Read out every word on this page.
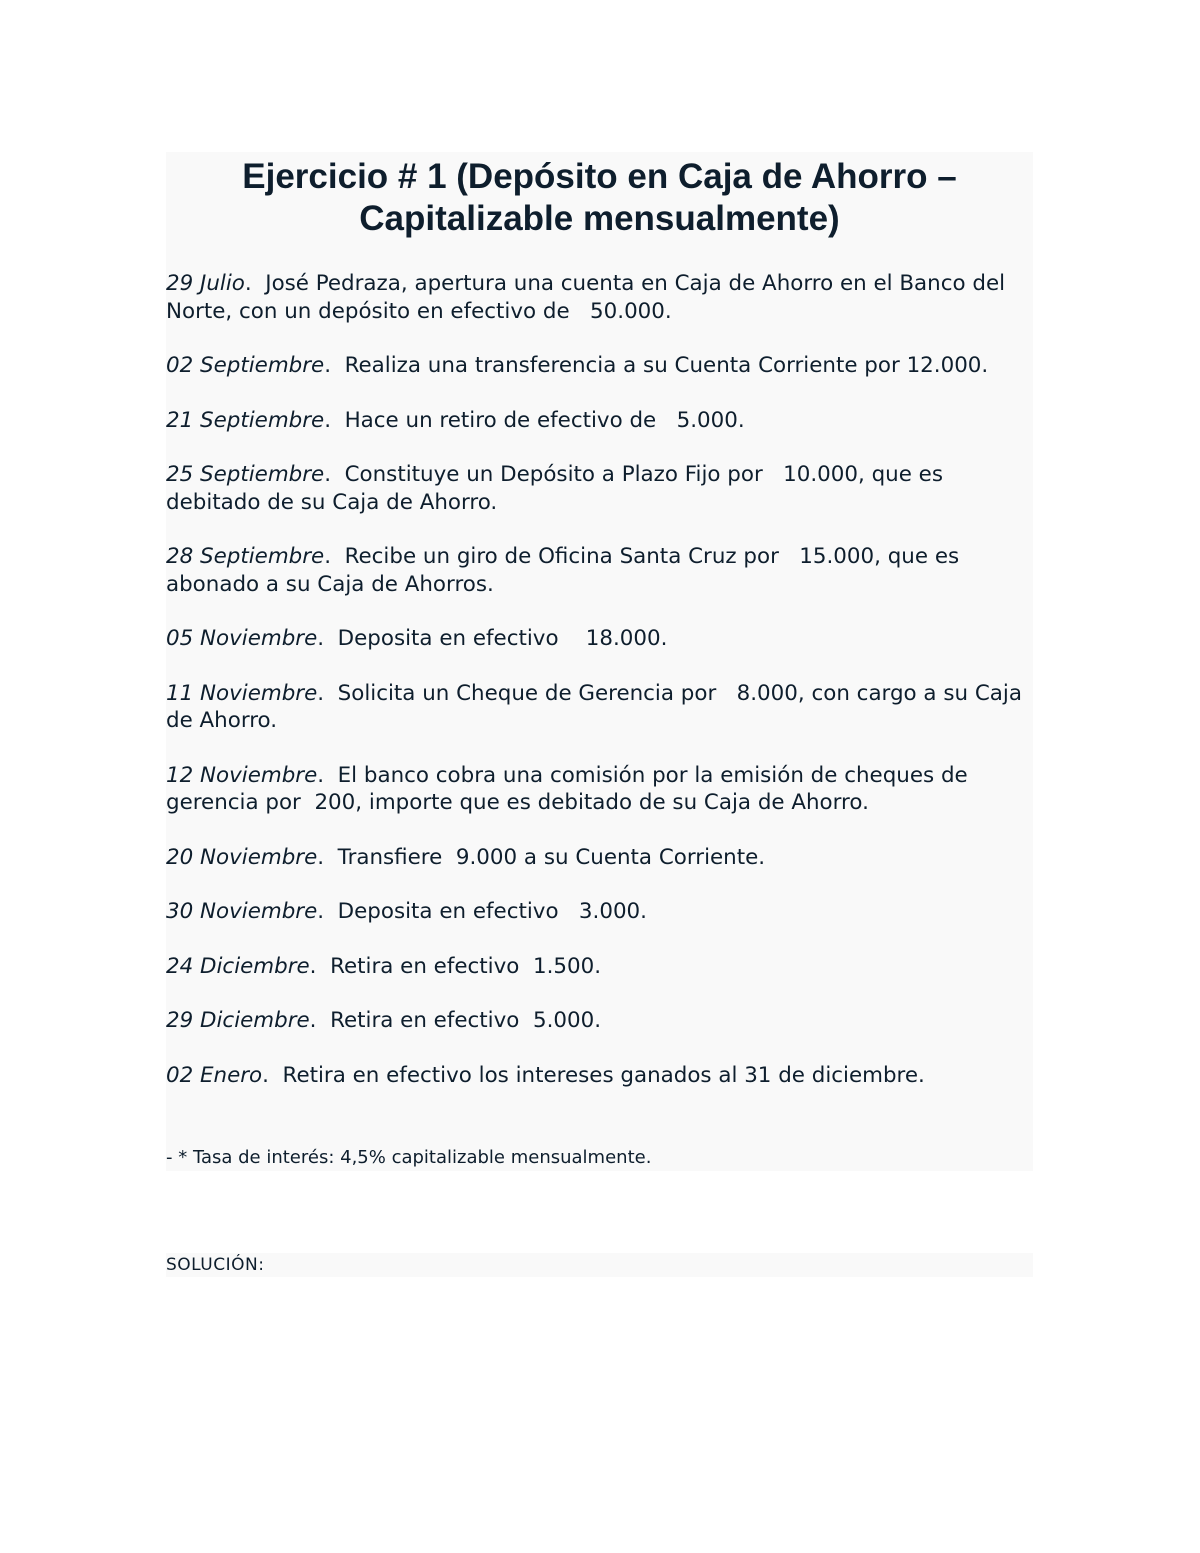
Ejercicio # 1 (Depósito en Caja de Ahorro –
Capitalizable mensualmente)

29 Julio.  José Pedraza, apertura una cuenta en Caja de Ahorro en el Banco del Norte, con un depósito en efectivo de   50.000.

02 Septiembre.  Realiza una transferencia a su Cuenta Corriente por 12.000.

21 Septiembre.  Hace un retiro de efectivo de   5.000.

25 Septiembre.  Constituye un Depósito a Plazo Fijo por   10.000, que es debitado de su Caja de Ahorro.

28 Septiembre.  Recibe un giro de Oficina Santa Cruz por   15.000, que es abonado a su Caja de Ahorros.

05 Noviembre.  Deposita en efectivo    18.000.

11 Noviembre.  Solicita un Cheque de Gerencia por   8.000, con cargo a su Caja de Ahorro.

12 Noviembre.  El banco cobra una comisión por la emisión de cheques de gerencia por  200, importe que es debitado de su Caja de Ahorro.

20 Noviembre.  Transfiere  9.000 a su Cuenta Corriente.

30 Noviembre.  Deposita en efectivo   3.000.

24 Diciembre.  Retira en efectivo  1.500.

29 Diciembre.  Retira en efectivo  5.000.

02 Enero.  Retira en efectivo los intereses ganados al 31 de diciembre.

- * Tasa de interés: 4,5% capitalizable mensualmente.

SOLUCIÓN:
